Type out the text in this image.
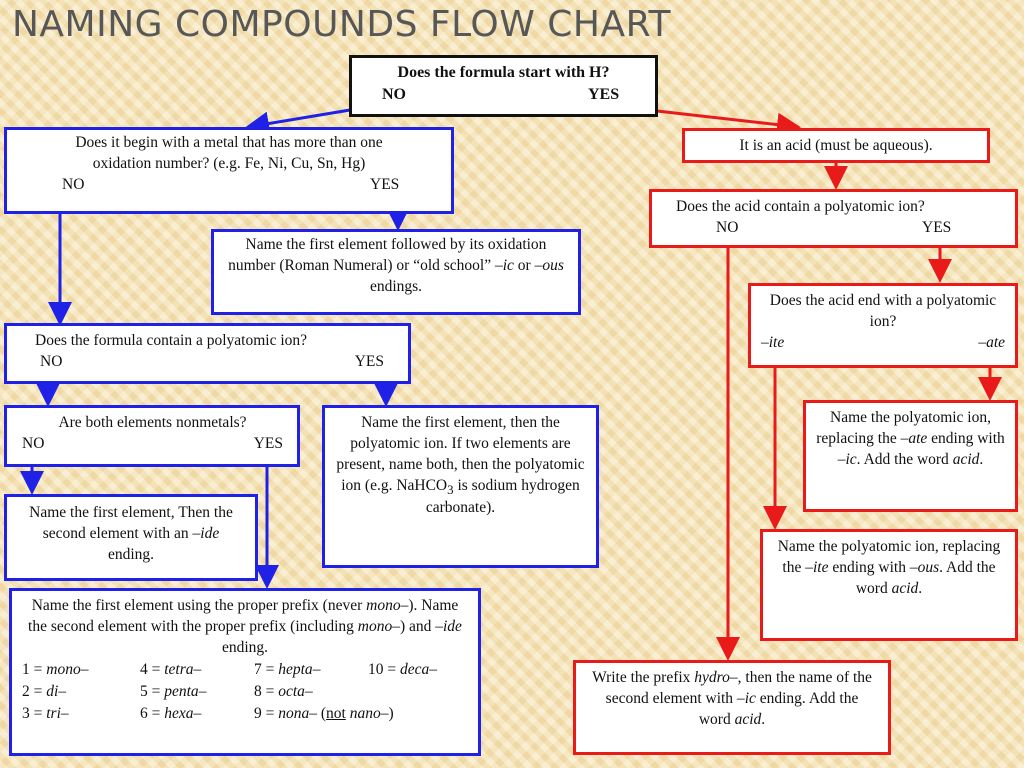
NAMING COMPOUNDS FLOW CHART
Does the formula start with H?
NO	YES
Does it begin with a metal that has more than one
oxidation number? (e.g. Fe, Ni, Cu, Sn, Hg)
NO	YES
Name the first element followed by its oxidation number (Roman Numeral) or “old school” –ic or –ous endings.
Does the formula contain a polyatomic ion?
NO	YES
Are both elements nonmetals?
NO	YES
Name the first element, then the polyatomic ion. If two elements are present, name both, then the polyatomic ion (e.g. NaHCO$_3$ is sodium hydrogen carbonate).
Name the first element, Then the second element with an –ide ending.
Name the first element using the proper prefix (never mono–). Name the second element with the proper prefix (including mono–) and –ide ending.
1 = mono–	4 = tetra–	7 = hepta–	10 = deca–
2 = di–	5 = penta–	8 = octa–
3 = tri–	6 = hexa–	9 = nona– (not nano–)
It is an acid (must be aqueous).
Does the acid contain a polyatomic ion?
NO	YES
Does the acid end with a polyatomic ion?
–ite	–ate
Name the polyatomic ion, replacing the –ate ending with –ic. Add the word acid.
Name the polyatomic ion, replacing the –ite ending with –ous. Add the word acid.
Write the prefix hydro–, then the name of the second element with –ic ending. Add the word acid.
